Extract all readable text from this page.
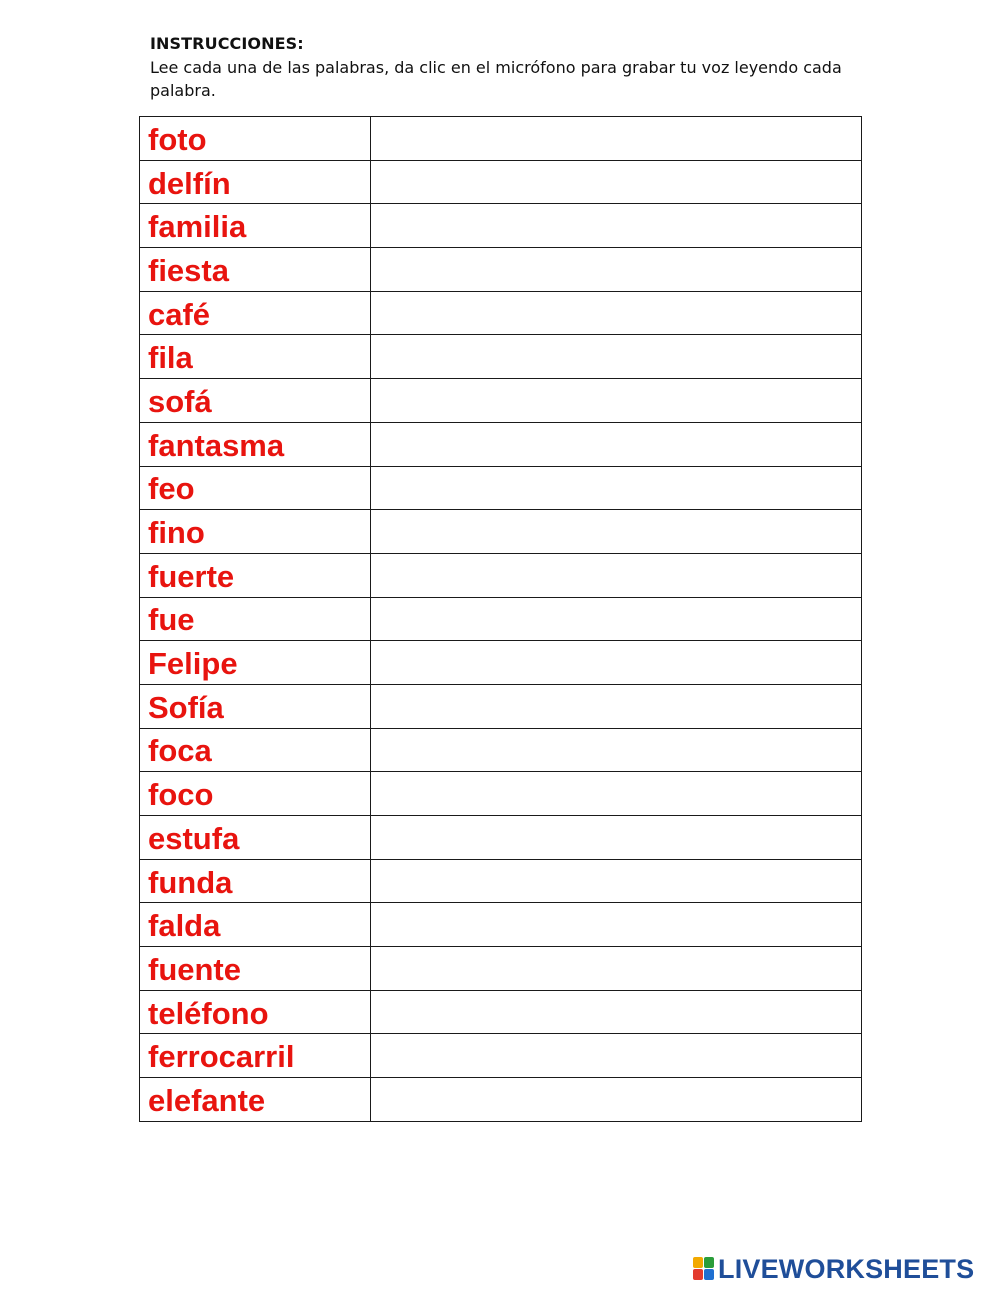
INSTRUCCIONES:
Lee cada una de las palabras, da clic en el micrófono para grabar tu voz leyendo cada palabra.
foto	
delfín	
familia	
fiesta	
café	
fila	
sofá	
fantasma	
feo	
fino	
fuerte	
fue	
Felipe	
Sofía	
foca	
foco	
estufa	
funda	
falda	
fuente	
teléfono	
ferrocarril	
elefante	
LIVEWORKSHEETS
